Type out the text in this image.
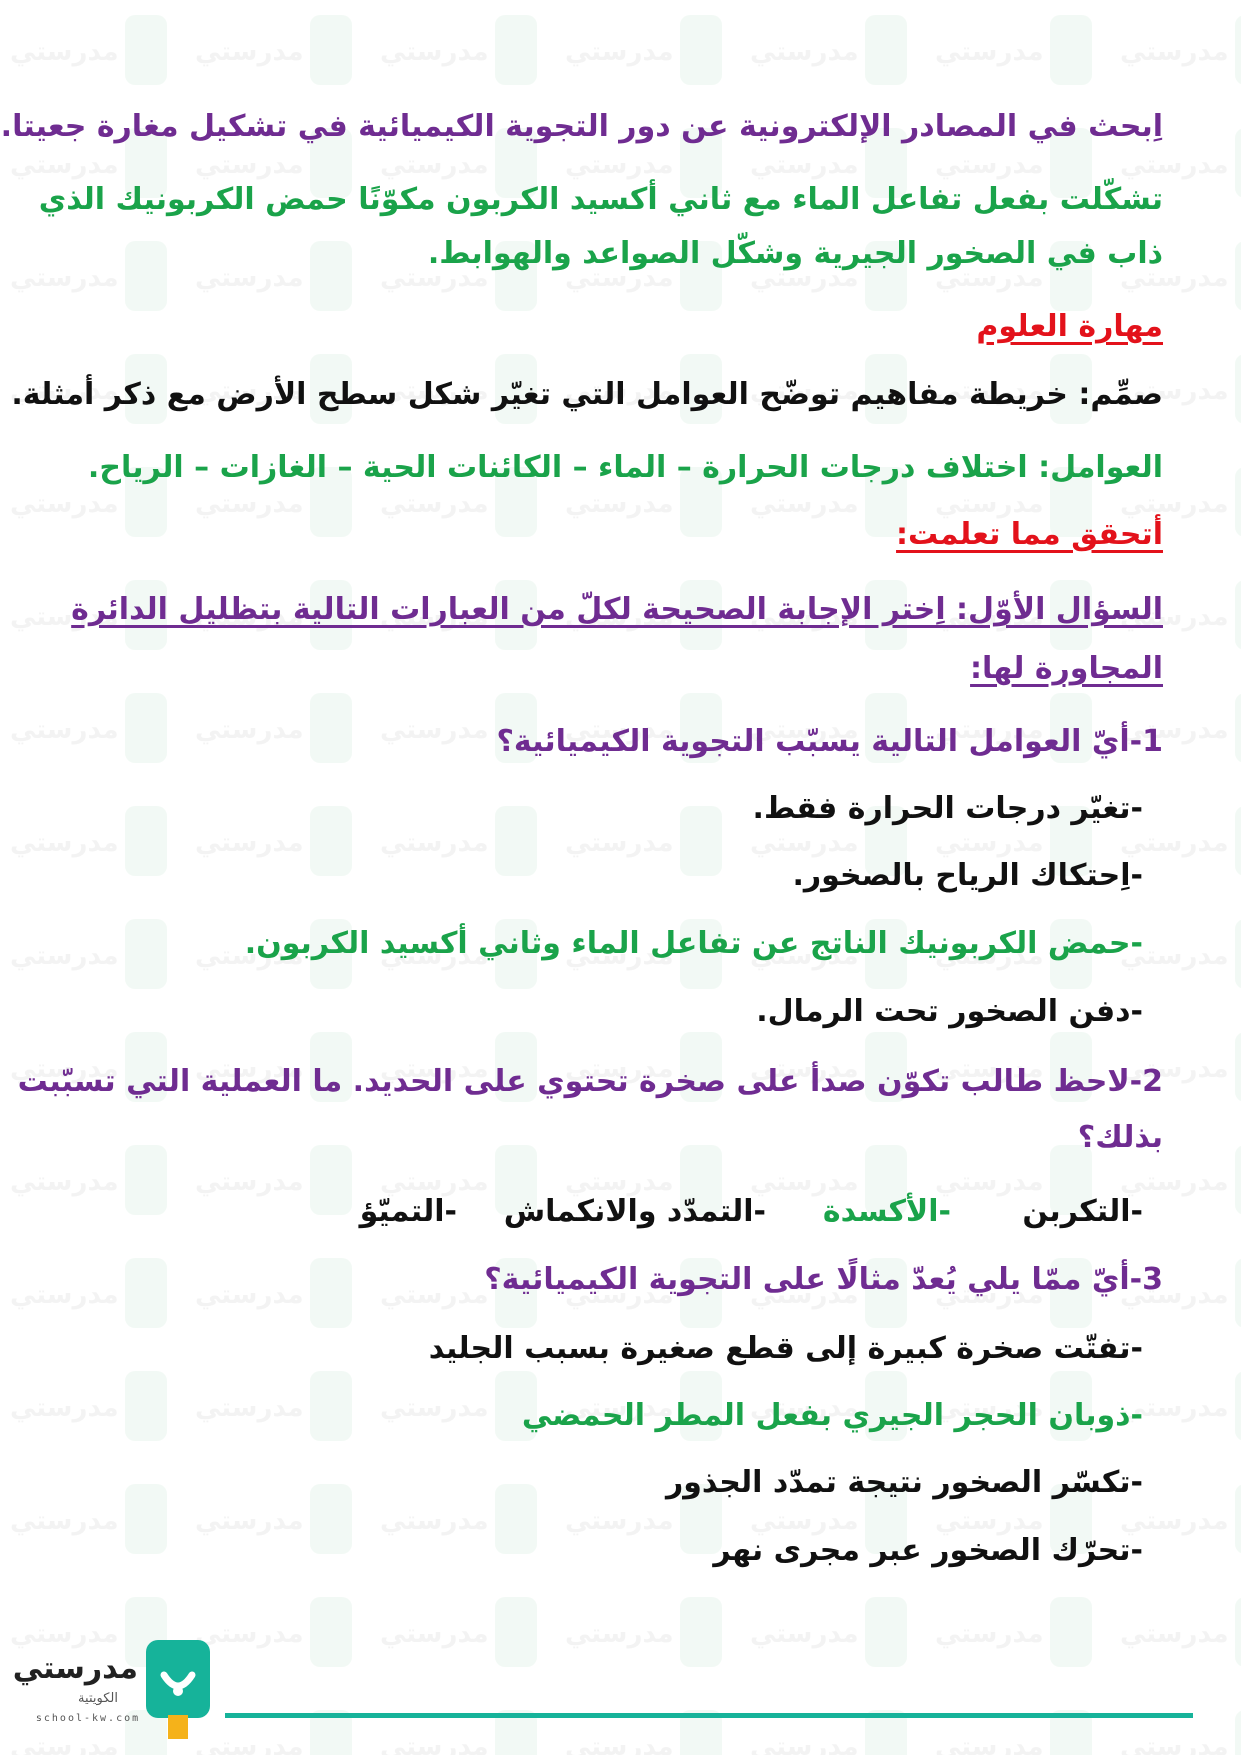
اِبحث في المصادر الإلكترونية عن دور التجوية الكيميائية في تشكيل مغارة جعيتا.

تشكّلت بفعل تفاعل الماء مع ثاني أكسيد الكربون مكوّنًا حمض الكربونيك الذي

ذاب في الصخور الجيرية وشكّل الصواعد والهوابط.

مهارة العلوم

صمِّم: خريطة مفاهيم توضّح العوامل التي تغيّر شكل سطح الأرض مع ذكر أمثلة.

العوامل: اختلاف درجات الحرارة – الماء – الكائنات الحية – الغازات – الرياح.

أتحقق مما تعلمت:

السؤال الأوّل: اِختر الإجابة الصحيحة لكلّ من العبارات التالية بتظليل الدائرة

المجاورة لها:

1-أيّ العوامل التالية يسبّب التجوية الكيميائية؟

-تغيّر درجات الحرارة فقط.

-اِحتكاك الرياح بالصخور.

-حمض الكربونيك الناتج عن تفاعل الماء وثاني أكسيد الكربون.

-دفن الصخور تحت الرمال.

2-لاحظ طالب تكوّن صدأ على صخرة تحتوي على الحديد. ما العملية التي تسبّبت

بذلك؟

-التكربن
-الأكسدة
-التمدّد والانكماش
-التميّؤ

3-أيّ ممّا يلي يُعدّ مثالًا على التجوية الكيميائية؟

-تفتّت صخرة كبيرة إلى قطع صغيرة بسبب الجليد

-ذوبان الحجر الجيري بفعل المطر الحمضي

-تكسّر الصخور نتيجة تمدّد الجذور

-تحرّك الصخور عبر مجرى نهر

مدرستي
الكويتية
school-kw.com
